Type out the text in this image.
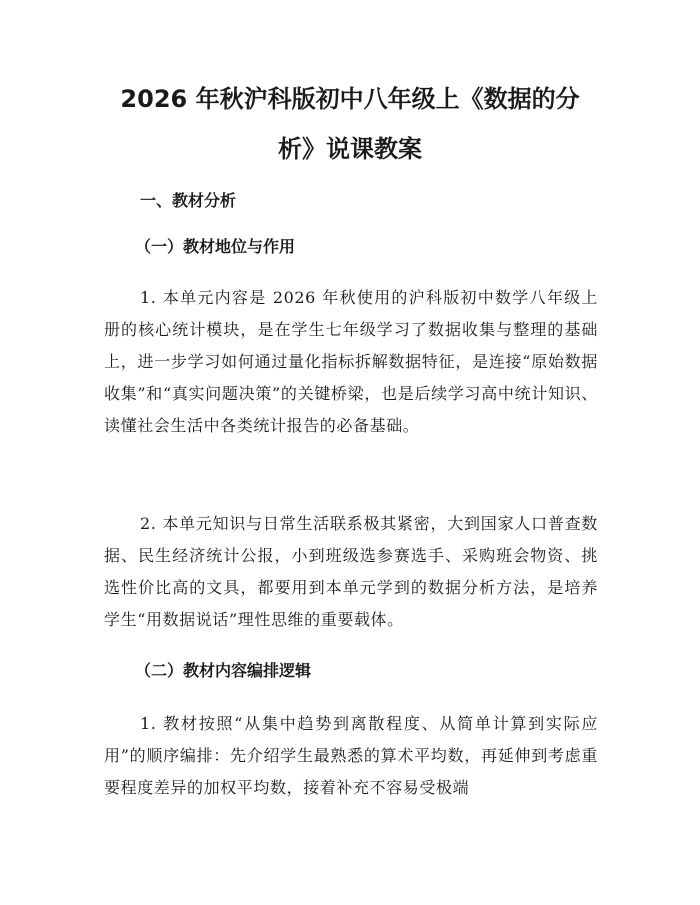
2026 年秋沪科版初中八年级上《数据的分
析》说课教案
一、教材分析
（一）教材地位与作用

1. 本单元内容是 2026 年秋使用的沪科版初中数学八年级上册的核心统计模块，是在学生七年级学习了数据收集与整理的基础上，进一步学习如何通过量化指标拆解数据特征，是连接“原始数据收集”和“真实问题决策”的关键桥梁，也是后续学习高中统计知识、读懂社会生活中各类统计报告的必备基础。

2. 本单元知识与日常生活联系极其紧密，大到国家人口普查数据、民生经济统计公报，小到班级选参赛选手、采购班会物资、挑选性价比高的文具，都要用到本单元学到的数据分析方法，是培养学生“用数据说话”理性思维的重要载体。

（二）教材内容编排逻辑

1. 教材按照“从集中趋势到离散程度、从简单计算到实际应用”的顺序编排：先介绍学生最熟悉的算术平均数，再延伸到考虑重要程度差异的加权平均数，接着补充不容易受极端
